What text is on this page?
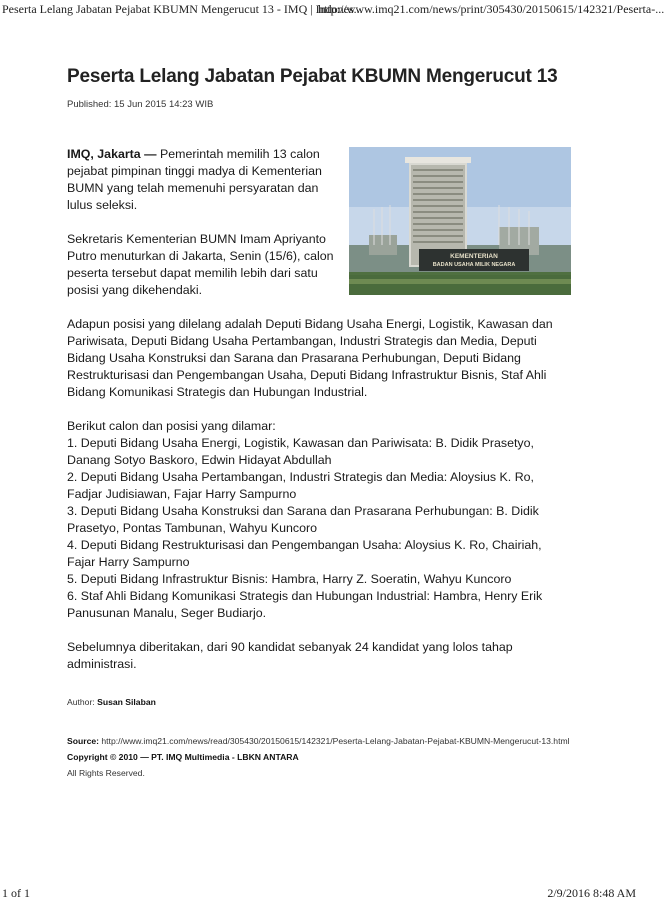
Peserta Lelang Jabatan Pejabat KBUMN Mengerucut 13 - IMQ | Indones...
http://www.imq21.com/news/print/305430/20150615/142321/Peserta-...
Peserta Lelang Jabatan Pejabat KBUMN Mengerucut 13
Published: 15 Jun 2015 14:23 WIB
KEMENTERIAN
BADAN USAHA MILIK NEGARA

IMQ, Jakarta — Pemerintah memilih 13 calon pejabat pimpinan tinggi madya di Kementerian BUMN yang telah memenuhi persyaratan dan lulus seleksi.

Sekretaris Kementerian BUMN Imam Apriyanto Putro menuturkan di Jakarta, Senin (15/6), calon peserta tersebut dapat memilih lebih dari satu posisi yang dikehendaki.

Adapun posisi yang dilelang adalah Deputi Bidang Usaha Energi, Logistik, Kawasan dan Pariwisata, Deputi Bidang Usaha Pertambangan, Industri Strategis dan Media, Deputi Bidang Usaha Konstruksi dan Sarana dan Prasarana Perhubungan, Deputi Bidang Restrukturisasi dan Pengembangan Usaha, Deputi Bidang Infrastruktur Bisnis, Staf Ahli Bidang Komunikasi Strategis dan Hubungan Industrial.

Berikut calon dan posisi yang dilamar:
1. Deputi Bidang Usaha Energi, Logistik, Kawasan dan Pariwisata: B. Didik Prasetyo, Danang Sotyo Baskoro, Edwin Hidayat Abdullah
2. Deputi Bidang Usaha Pertambangan, Industri Strategis dan Media: Aloysius K. Ro, Fadjar Judisiawan, Fajar Harry Sampurno
3. Deputi Bidang Usaha Konstruksi dan Sarana dan Prasarana Perhubungan: B. Didik Prasetyo, Pontas Tambunan, Wahyu Kuncoro
4. Deputi Bidang Restrukturisasi dan Pengembangan Usaha: Aloysius K. Ro, Chairiah, Fajar Harry Sampurno
5. Deputi Bidang Infrastruktur Bisnis: Hambra, Harry Z. Soeratin, Wahyu Kuncoro
6. Staf Ahli Bidang Komunikasi Strategis dan Hubungan Industrial: Hambra, Henry Erik Panusunan Manalu, Seger Budiarjo.

Sebelumnya diberitakan, dari 90 kandidat sebanyak 24 kandidat yang lolos tahap administrasi.

Author: Susan Silaban
Source: http://www.imq21.com/news/read/305430/20150615/142321/Peserta-Lelang-Jabatan-Pejabat-KBUMN-Mengerucut-13.html
Copyright © 2010 — PT. IMQ Multimedia - LBKN ANTARA
All Rights Reserved.
1 of 1	2/9/2016 8:48 AM
